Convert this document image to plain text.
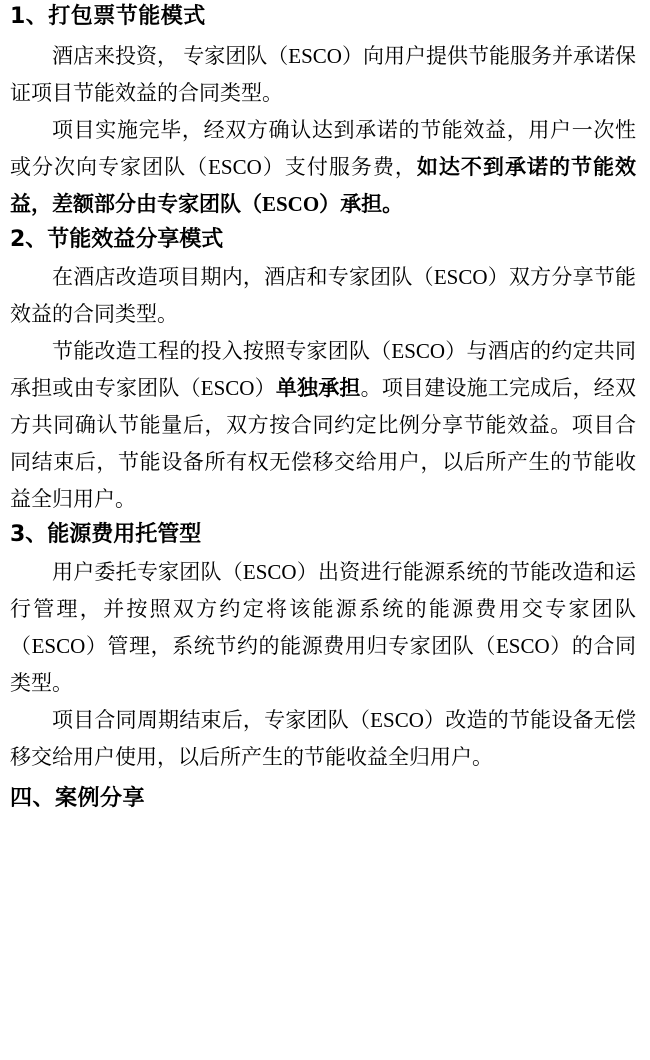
1、打包票节能模式

酒店来投资， 专家团队（ESCO）向用户提供节能服务并承诺保证项目节能效益的合同类型。

项目实施完毕，经双方确认达到承诺的节能效益，用户一次性或分次向专家团队（ESCO）支付服务费，如达不到承诺的节能效益，差额部分由专家团队（ESCO）承担。

2、节能效益分享模式

在酒店改造项目期内，酒店和专家团队（ESCO）双方分享节能效益的合同类型。

节能改造工程的投入按照专家团队（ESCO）与酒店的约定共同承担或由专家团队（ESCO）单独承担。项目建设施工完成后，经双方共同确认节能量后，双方按合同约定比例分享节能效益。项目合同结束后，节能设备所有权无偿移交给用户，以后所产生的节能收益全归用户。

3、能源费用托管型

用户委托专家团队（ESCO）出资进行能源系统的节能改造和运行管理，并按照双方约定将该能源系统的能源费用交专家团队（ESCO）管理，系统节约的能源费用归专家团队（ESCO）的合同类型。

项目合同周期结束后，专家团队（ESCO）改造的节能设备无偿移交给用户使用，以后所产生的节能收益全归用户。

四、案例分享
